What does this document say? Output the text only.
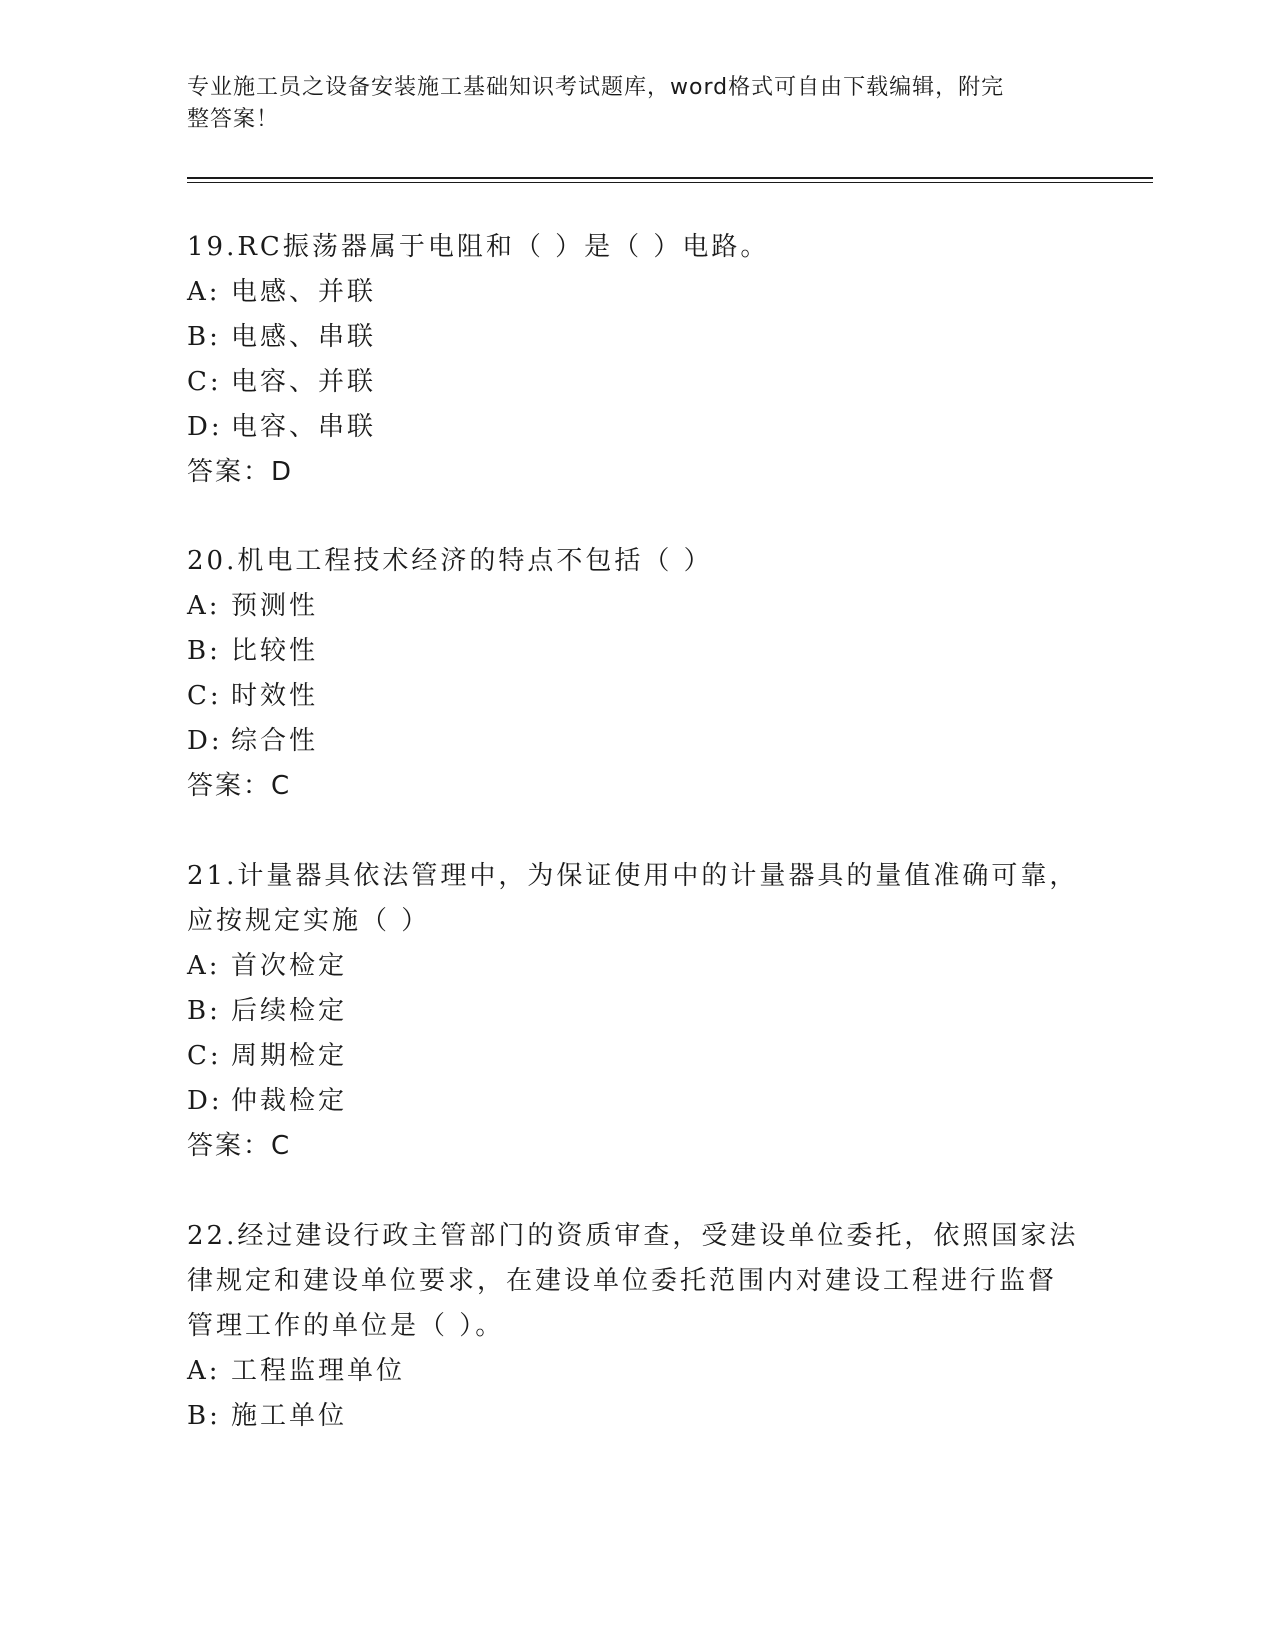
专业施工员之设备安装施工基础知识考试题库，word格式可自由下载编辑，附完
整答案！

19.RC振荡器属于电阻和（ ）是（ ）电路。

A: 电感、并联

B: 电感、串联

C: 电容、并联

D: 电容、串联

答案：D

20.机电工程技术经济的特点不包括（ ）

A: 预测性

B: 比较性

C: 时效性

D: 综合性

答案：C

21.计量器具依法管理中，为保证使用中的计量器具的量值准确可靠，

应按规定实施（ ）

A: 首次检定

B: 后续检定

C: 周期检定

D: 仲裁检定

答案：C

22.经过建设行政主管部门的资质审查，受建设单位委托，依照国家法

律规定和建设单位要求，在建设单位委托范围内对建设工程进行监督

管理工作的单位是（ ）。

A: 工程监理单位

B: 施工单位
